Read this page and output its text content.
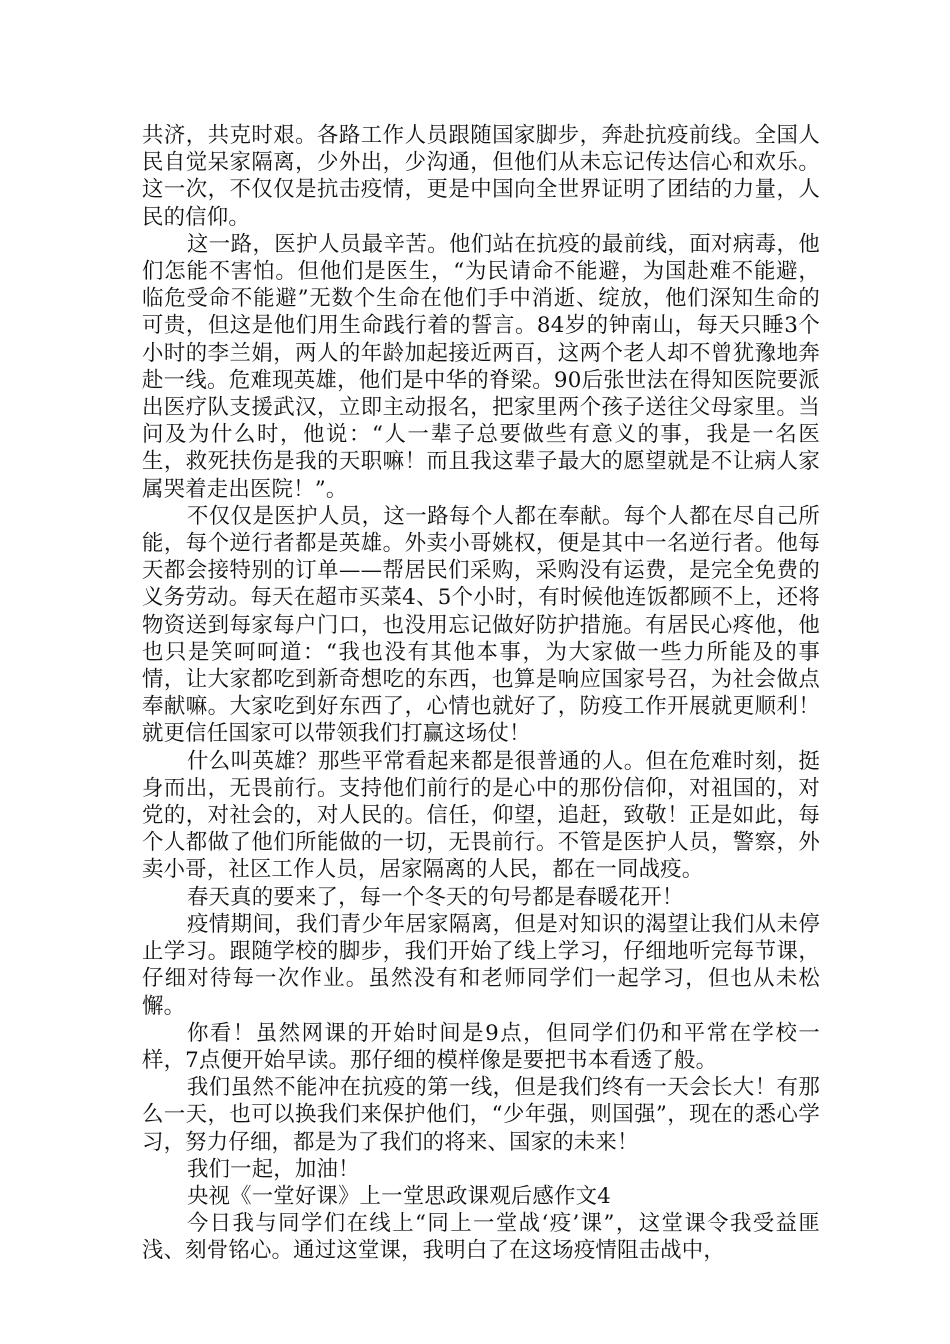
共济，共克时艰。各路工作人员跟随国家脚步，奔赴抗疫前线。全国人民自觉呆家隔离，少外出，少沟通，但他们从未忘记传达信心和欢乐。这一次，不仅仅是抗击疫情，更是中国向全世界证明了团结的力量，人民的信仰。

这一路，医护人员最辛苦。他们站在抗疫的最前线，面对病毒，他们怎能不害怕。但他们是医生，“为民请命不能避，为国赴难不能避，临危受命不能避”无数个生命在他们手中消逝、绽放，他们深知生命的可贵，但这是他们用生命践行着的誓言。84岁的钟南山，每天只睡3个小时的李兰娟，两人的年龄加起接近两百，这两个老人却不曾犹豫地奔赴一线。危难现英雄，他们是中华的脊梁。90后张世法在得知医院要派出医疗队支援武汉，立即主动报名，把家里两个孩子送往父母家里。当问及为什么时，他说：“人一辈子总要做些有意义的事，我是一名医生，救死扶伤是我的天职嘛！而且我这辈子最大的愿望就是不让病人家属哭着走出医院！”。

不仅仅是医护人员，这一路每个人都在奉献。每个人都在尽自己所能，每个逆行者都是英雄。外卖小哥姚权，便是其中一名逆行者。他每天都会接特别的订单——帮居民们采购，采购没有运费，是完全免费的义务劳动。每天在超市买菜4、5个小时，有时候他连饭都顾不上，还将物资送到每家每户门口，也没用忘记做好防护措施。有居民心疼他，他也只是笑呵呵道：“我也没有其他本事，为大家做一些力所能及的事情，让大家都吃到新奇想吃的东西，也算是响应国家号召，为社会做点奉献嘛。大家吃到好东西了，心情也就好了，防疫工作开展就更顺利！就更信任国家可以带领我们打赢这场仗！

什么叫英雄？那些平常看起来都是很普通的人。但在危难时刻，挺身而出，无畏前行。支持他们前行的是心中的那份信仰，对祖国的，对党的，对社会的，对人民的。信任，仰望，追赶，致敬！正是如此，每个人都做了他们所能做的一切，无畏前行。不管是医护人员，警察，外卖小哥，社区工作人员，居家隔离的人民，都在一同战疫。

春天真的要来了，每一个冬天的句号都是春暖花开！

疫情期间，我们青少年居家隔离，但是对知识的渴望让我们从未停止学习。跟随学校的脚步，我们开始了线上学习，仔细地听完每节课，仔细对待每一次作业。虽然没有和老师同学们一起学习，但也从未松懈。

你看！虽然网课的开始时间是9点，但同学们仍和平常在学校一样，7点便开始早读。那仔细的模样像是要把书本看透了般。

我们虽然不能冲在抗疫的第一线，但是我们终有一天会长大！有那么一天，也可以换我们来保护他们，“少年强，则国强”，现在的悉心学习，努力仔细，都是为了我们的将来、国家的未来！

我们一起，加油！

央视《一堂好课》上一堂思政课观后感作文4

今日我与同学们在线上“同上一堂战‘疫’课”，这堂课令我受益匪浅、刻骨铭心。通过这堂课，我明白了在这场疫情阻击战中，
